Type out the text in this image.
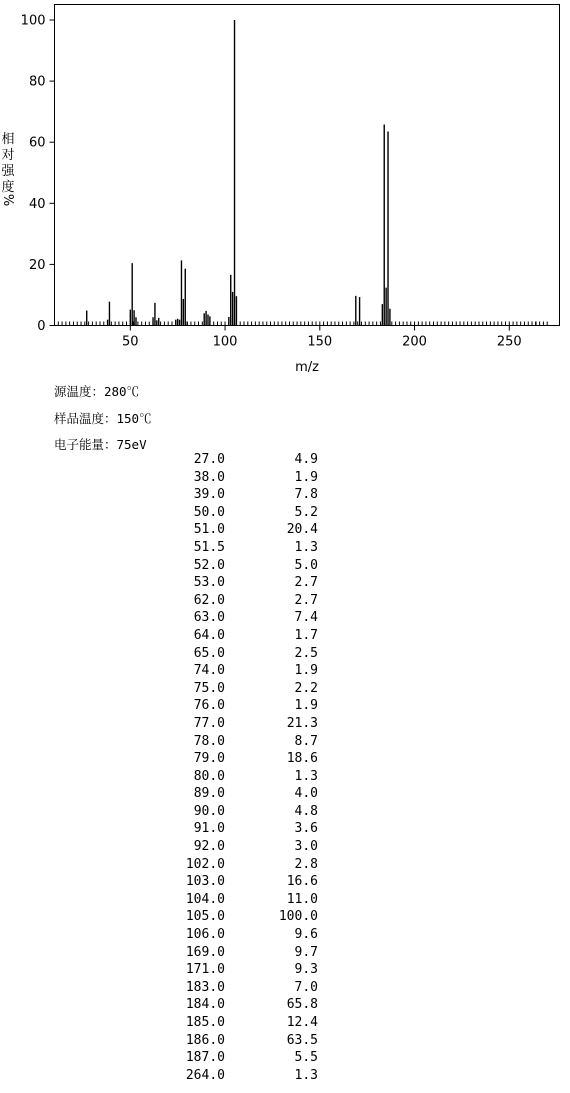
50	100	150	200	250
0
20
40
60
80
100
m/z
相
对
强
度
%
源温度：280℃
样品温度：150℃
电子能量：75eV
27.0	4.9
38.0	1.9
39.0	7.8
50.0	5.2
51.0	20.4
51.5	1.3
52.0	5.0
53.0	2.7
62.0	2.7
63.0	7.4
64.0	1.7
65.0	2.5
74.0	1.9
75.0	2.2
76.0	1.9
77.0	21.3
78.0	8.7
79.0	18.6
80.0	1.3
89.0	4.0
90.0	4.8
91.0	3.6
92.0	3.0
102.0	2.8
103.0	16.6
104.0	11.0
105.0	100.0
106.0	9.6
169.0	9.7
171.0	9.3
183.0	7.0
184.0	65.8
185.0	12.4
186.0	63.5
187.0	5.5
264.0	1.3
